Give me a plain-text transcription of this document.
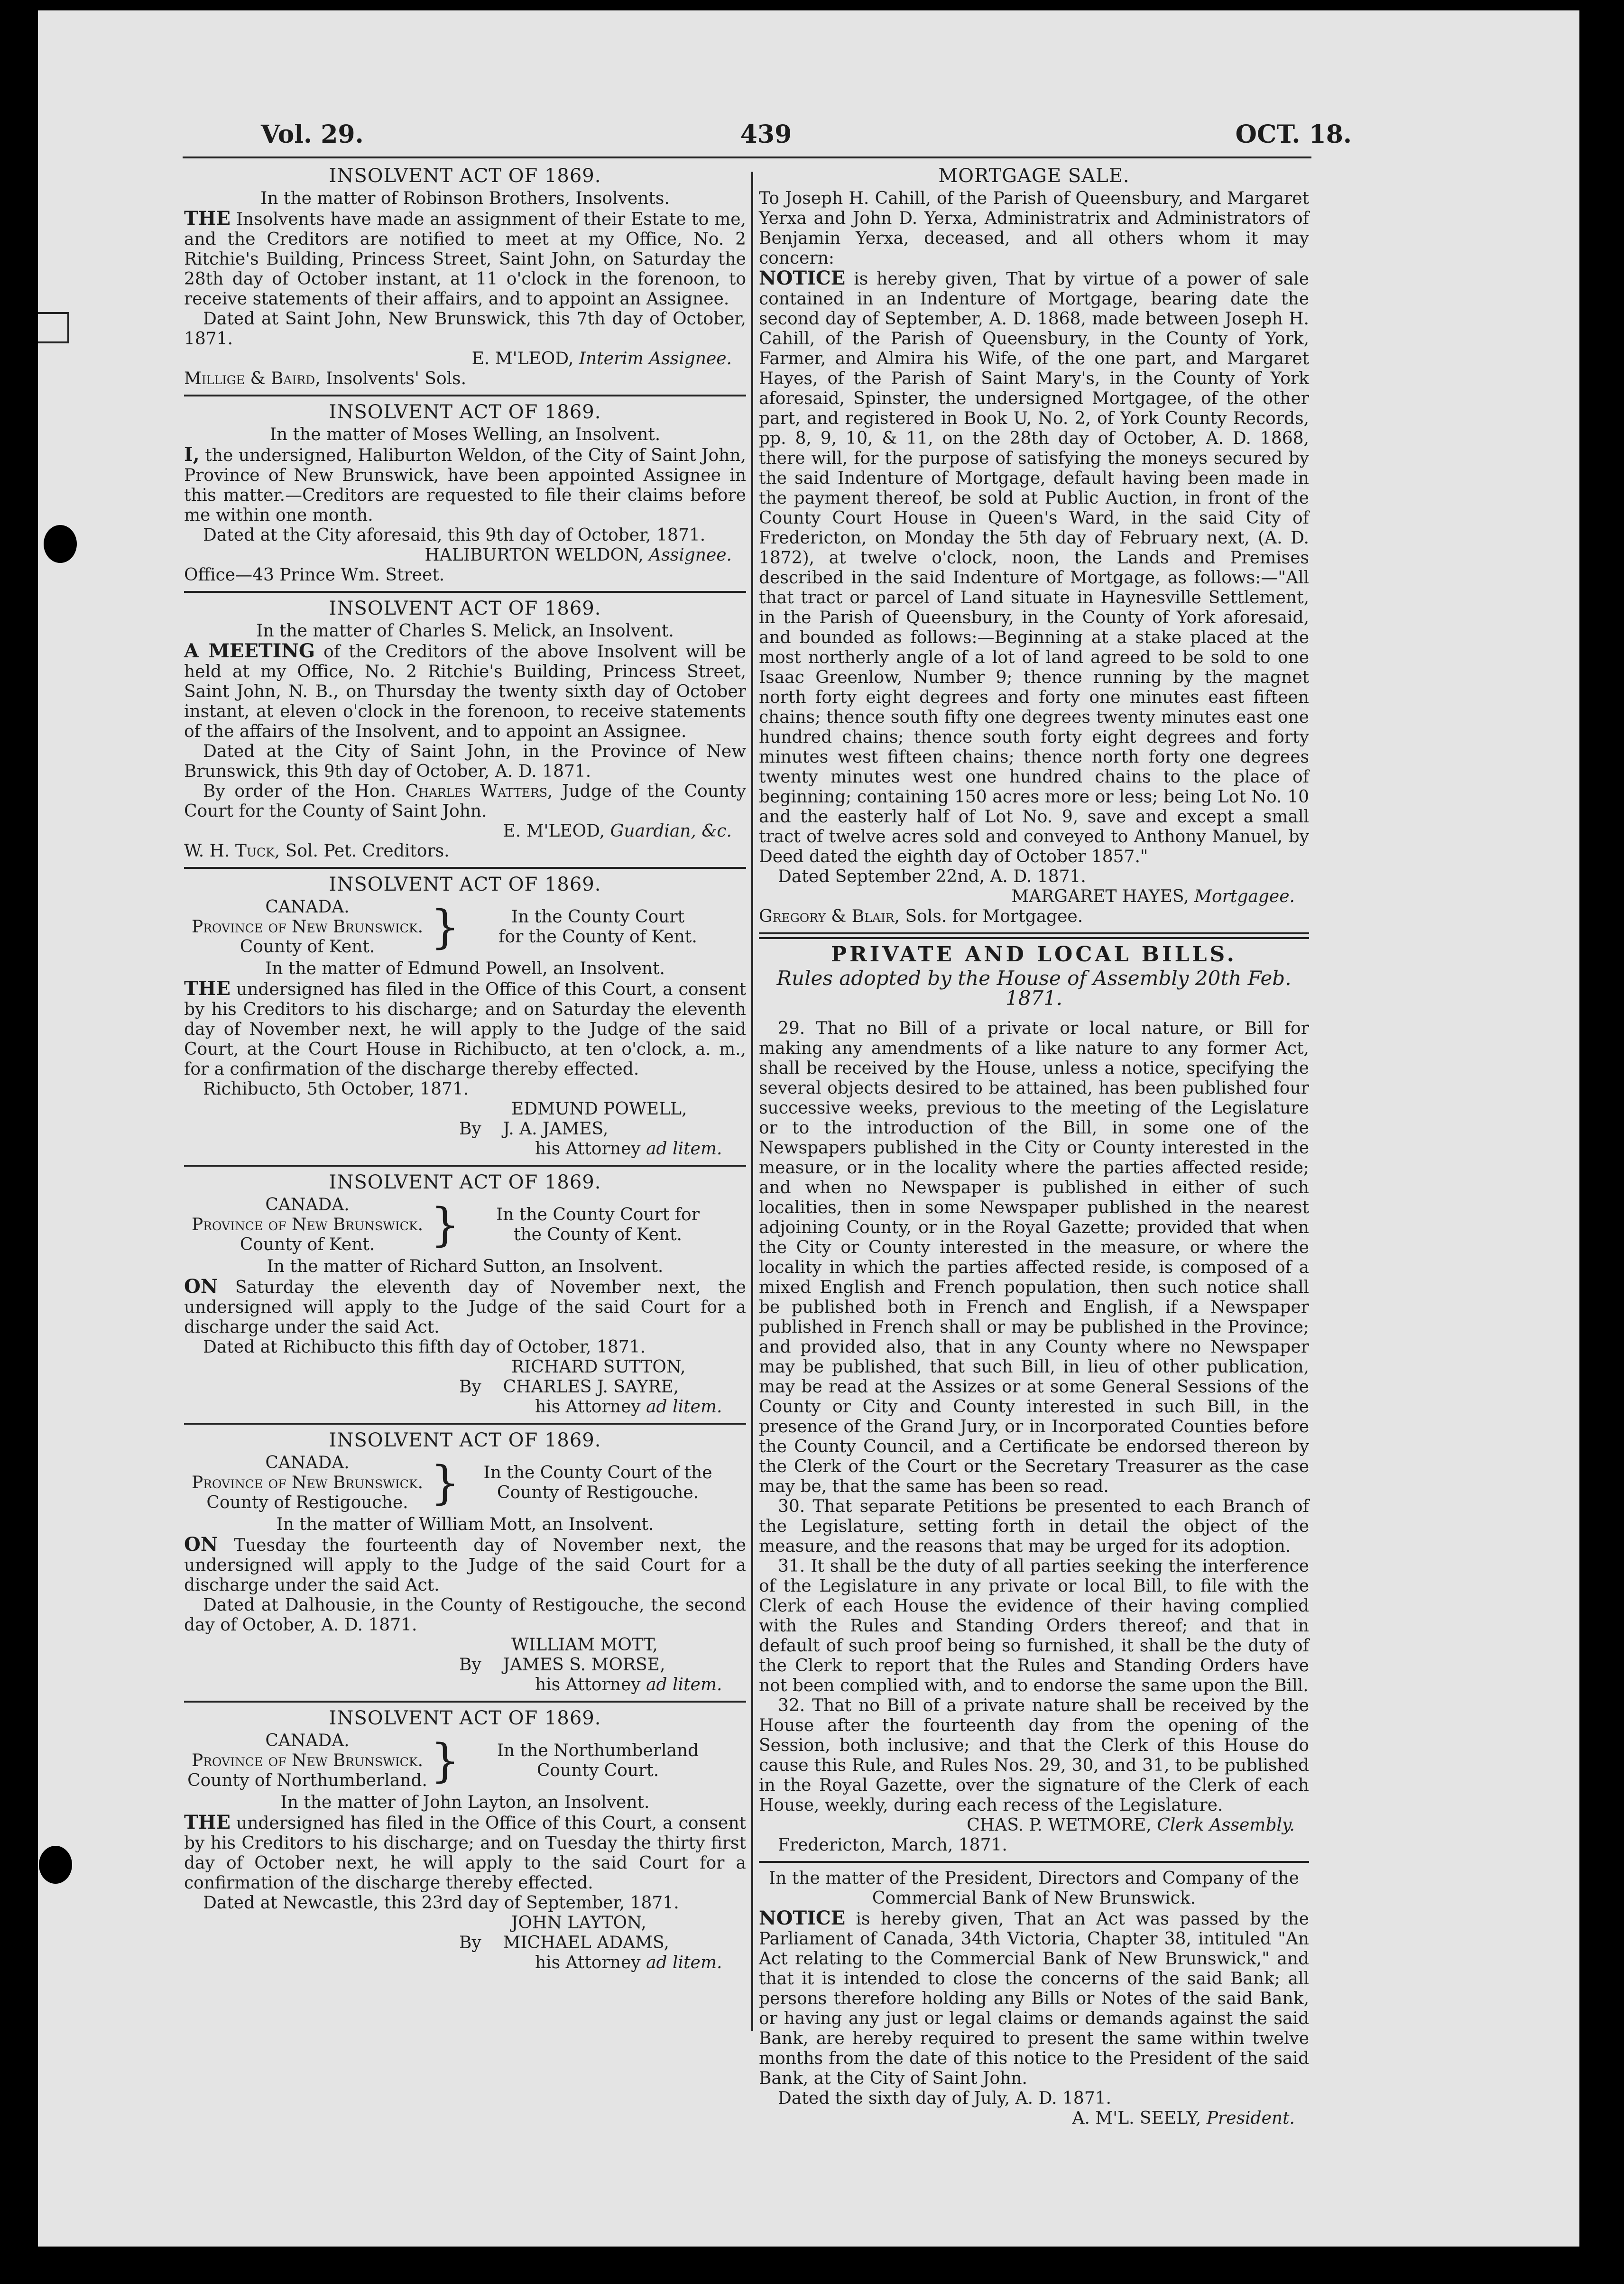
Vol. 29.	439	OCT. 18.
INSOLVENT ACT OF 1869.
In the matter of Robinson Brothers, Insolvents.

THE Insolvents have made an assignment of their Estate to me, and the Creditors are notified to meet at my Office, No. 2 Ritchie's Building, Princess Street, Saint John, on Saturday the 28th day of October instant, at 11 o'clock in the forenoon, to receive statements of their affairs, and to appoint an Assignee.

Dated at Saint John, New Brunswick, this 7th day of October, 1871.

E. M'LEOD, Interim Assignee.
Millige & Baird, Insolvents' Sols.
INSOLVENT ACT OF 1869.
In the matter of Moses Welling, an Insolvent.

I, the undersigned, Haliburton Weldon, of the City of Saint John, Province of New Brunswick, have been appointed Assignee in this matter.—Creditors are requested to file their claims before me within one month.

Dated at the City aforesaid, this 9th day of October, 1871.

HALIBURTON WELDON, Assignee.
Office—43 Prince Wm. Street.
INSOLVENT ACT OF 1869.
In the matter of Charles S. Melick, an Insolvent.

A MEETING of the Creditors of the above Insolvent will be held at my Office, No. 2 Ritchie's Building, Princess Street, Saint John, N. B., on Thursday the twenty sixth day of October instant, at eleven o'clock in the forenoon, to receive statements of the affairs of the Insolvent, and to appoint an Assignee.

Dated at the City of Saint John, in the Province of New Brunswick, this 9th day of October, A. D. 1871.

By order of the Hon. Charles Watters, Judge of the County Court for the County of Saint John.

E. M'LEOD, Guardian, &c.
W. H. Tuck, Sol. Pet. Creditors.
INSOLVENT ACT OF 1869.
CANADA.
Province of New Brunswick.
County of Kent.	}	In the County Court
for the County of Kent.
In the matter of Edmund Powell, an Insolvent.

THE undersigned has filed in the Office of this Court, a consent by his Creditors to his discharge; and on Saturday the eleventh day of November next, he will apply to the Judge of the said Court, at the Court House in Richibucto, at ten o'clock, a. m., for a confirmation of the discharge thereby effected.

Richibucto, 5th October, 1871.

EDMUND POWELL,
By J. A. JAMES,
his Attorney ad litem.
INSOLVENT ACT OF 1869.
CANADA.
Province of New Brunswick.
County of Kent.	}	In the County Court for
the County of Kent.
In the matter of Richard Sutton, an Insolvent.

ON Saturday the eleventh day of November next, the undersigned will apply to the Judge of the said Court for a discharge under the said Act.

Dated at Richibucto this fifth day of October, 1871.

RICHARD SUTTON,
By CHARLES J. SAYRE,
his Attorney ad litem.
INSOLVENT ACT OF 1869.
CANADA.
Province of New Brunswick.
County of Restigouche. }	In the County Court of the
County of Restigouche.
In the matter of William Mott, an Insolvent.

ON Tuesday the fourteenth day of November next, the undersigned will apply to the Judge of the said Court for a discharge under the said Act.

Dated at Dalhousie, in the County of Restigouche, the second day of October, A. D. 1871.

WILLIAM MOTT,
By JAMES S. MORSE,
his Attorney ad litem.
INSOLVENT ACT OF 1869.
CANADA.
Province of New Brunswick.
County of Northumberland. }	In the Northumberland
County Court.
In the matter of John Layton, an Insolvent.

THE undersigned has filed in the Office of this Court, a consent by his Creditors to his discharge; and on Tuesday the thirty first day of October next, he will apply to the said Court for a confirmation of the discharge thereby effected.

Dated at Newcastle, this 23rd day of September, 1871.

JOHN LAYTON,
By MICHAEL ADAMS,
his Attorney ad litem.
MORTGAGE SALE.

To Joseph H. Cahill, of the Parish of Queensbury, and Margaret Yerxa and John D. Yerxa, Administratrix and Administrators of Benjamin Yerxa, deceased, and all others whom it may concern:

NOTICE is hereby given, That by virtue of a power of sale contained in an Indenture of Mortgage, bearing date the second day of September, A. D. 1868, made between Joseph H. Cahill, of the Parish of Queensbury, in the County of York, Farmer, and Almira his Wife, of the one part, and Margaret Hayes, of the Parish of Saint Mary's, in the County of York aforesaid, Spinster, the undersigned Mortgagee, of the other part, and registered in Book U, No. 2, of York County Records, pp. 8, 9, 10, & 11, on the 28th day of October, A. D. 1868, there will, for the purpose of satisfying the moneys secured by the said Indenture of Mortgage, default having been made in the payment thereof, be sold at Public Auction, in front of the County Court House in Queen's Ward, in the said City of Fredericton, on Monday the 5th day of February next, (A. D. 1872), at twelve o'clock, noon, the Lands and Premises described in the said Indenture of Mortgage, as follows:—"All that tract or parcel of Land situate in Haynesville Settlement, in the Parish of Queensbury, in the County of York aforesaid, and bounded as follows:—Beginning at a stake placed at the most northerly angle of a lot of land agreed to be sold to one Isaac Greenlow, Number 9; thence running by the magnet north forty eight degrees and forty one minutes east fifteen chains; thence south fifty one degrees twenty minutes east one hundred chains; thence south forty eight degrees and forty minutes west fifteen chains; thence north forty one degrees twenty minutes west one hundred chains to the place of beginning; containing 150 acres more or less; being Lot No. 10 and the easterly half of Lot No. 9, save and except a small tract of twelve acres sold and conveyed to Anthony Manuel, by Deed dated the eighth day of October 1857."

Dated September 22nd, A. D. 1871.

MARGARET HAYES, Mortgagee.
Gregory & Blair, Sols. for Mortgagee.
PRIVATE AND LOCAL BILLS.
Rules adopted by the House of Assembly 20th Feb. 1871.

29. That no Bill of a private or local nature, or Bill for making any amendments of a like nature to any former Act, shall be received by the House, unless a notice, specifying the several objects desired to be attained, has been published four successive weeks, previous to the meeting of the Legislature or to the introduction of the Bill, in some one of the Newspapers published in the City or County interested in the measure, or in the locality where the parties affected reside; and when no Newspaper is published in either of such localities, then in some Newspaper published in the nearest adjoining County, or in the Royal Gazette; provided that when the City or County interested in the measure, or where the locality in which the parties affected reside, is composed of a mixed English and French population, then such notice shall be published both in French and English, if a Newspaper published in French shall or may be published in the Province; and provided also, that in any County where no Newspaper may be published, that such Bill, in lieu of other publication, may be read at the Assizes or at some General Sessions of the County or City and County interested in such Bill, in the presence of the Grand Jury, or in Incorporated Counties before the County Council, and a Certificate be endorsed thereon by the Clerk of the Court or the Secretary Treasurer as the case may be, that the same has been so read.

30. That separate Petitions be presented to each Branch of the Legislature, setting forth in detail the object of the measure, and the reasons that may be urged for its adoption.

31. It shall be the duty of all parties seeking the interference of the Legislature in any private or local Bill, to file with the Clerk of each House the evidence of their having complied with the Rules and Standing Orders thereof; and that in default of such proof being so furnished, it shall be the duty of the Clerk to report that the Rules and Standing Orders have not been complied with, and to endorse the same upon the Bill.

32. That no Bill of a private nature shall be received by the House after the fourteenth day from the opening of the Session, both inclusive; and that the Clerk of this House do cause this Rule, and Rules Nos. 29, 30, and 31, to be published in the Royal Gazette, over the signature of the Clerk of each House, weekly, during each recess of the Legislature.

CHAS. P. WETMORE, Clerk Assembly.

Fredericton, March, 1871.

In the matter of the President, Directors and Company of the Commercial Bank of New Brunswick.

NOTICE is hereby given, That an Act was passed by the Parliament of Canada, 34th Victoria, Chapter 38, intituled "An Act relating to the Commercial Bank of New Brunswick," and that it is intended to close the concerns of the said Bank; all persons therefore holding any Bills or Notes of the said Bank, or having any just or legal claims or demands against the said Bank, are hereby required to present the same within twelve months from the date of this notice to the President of the said Bank, at the City of Saint John.

Dated the sixth day of July, A. D. 1871.

A. M'L. SEELY, President.
